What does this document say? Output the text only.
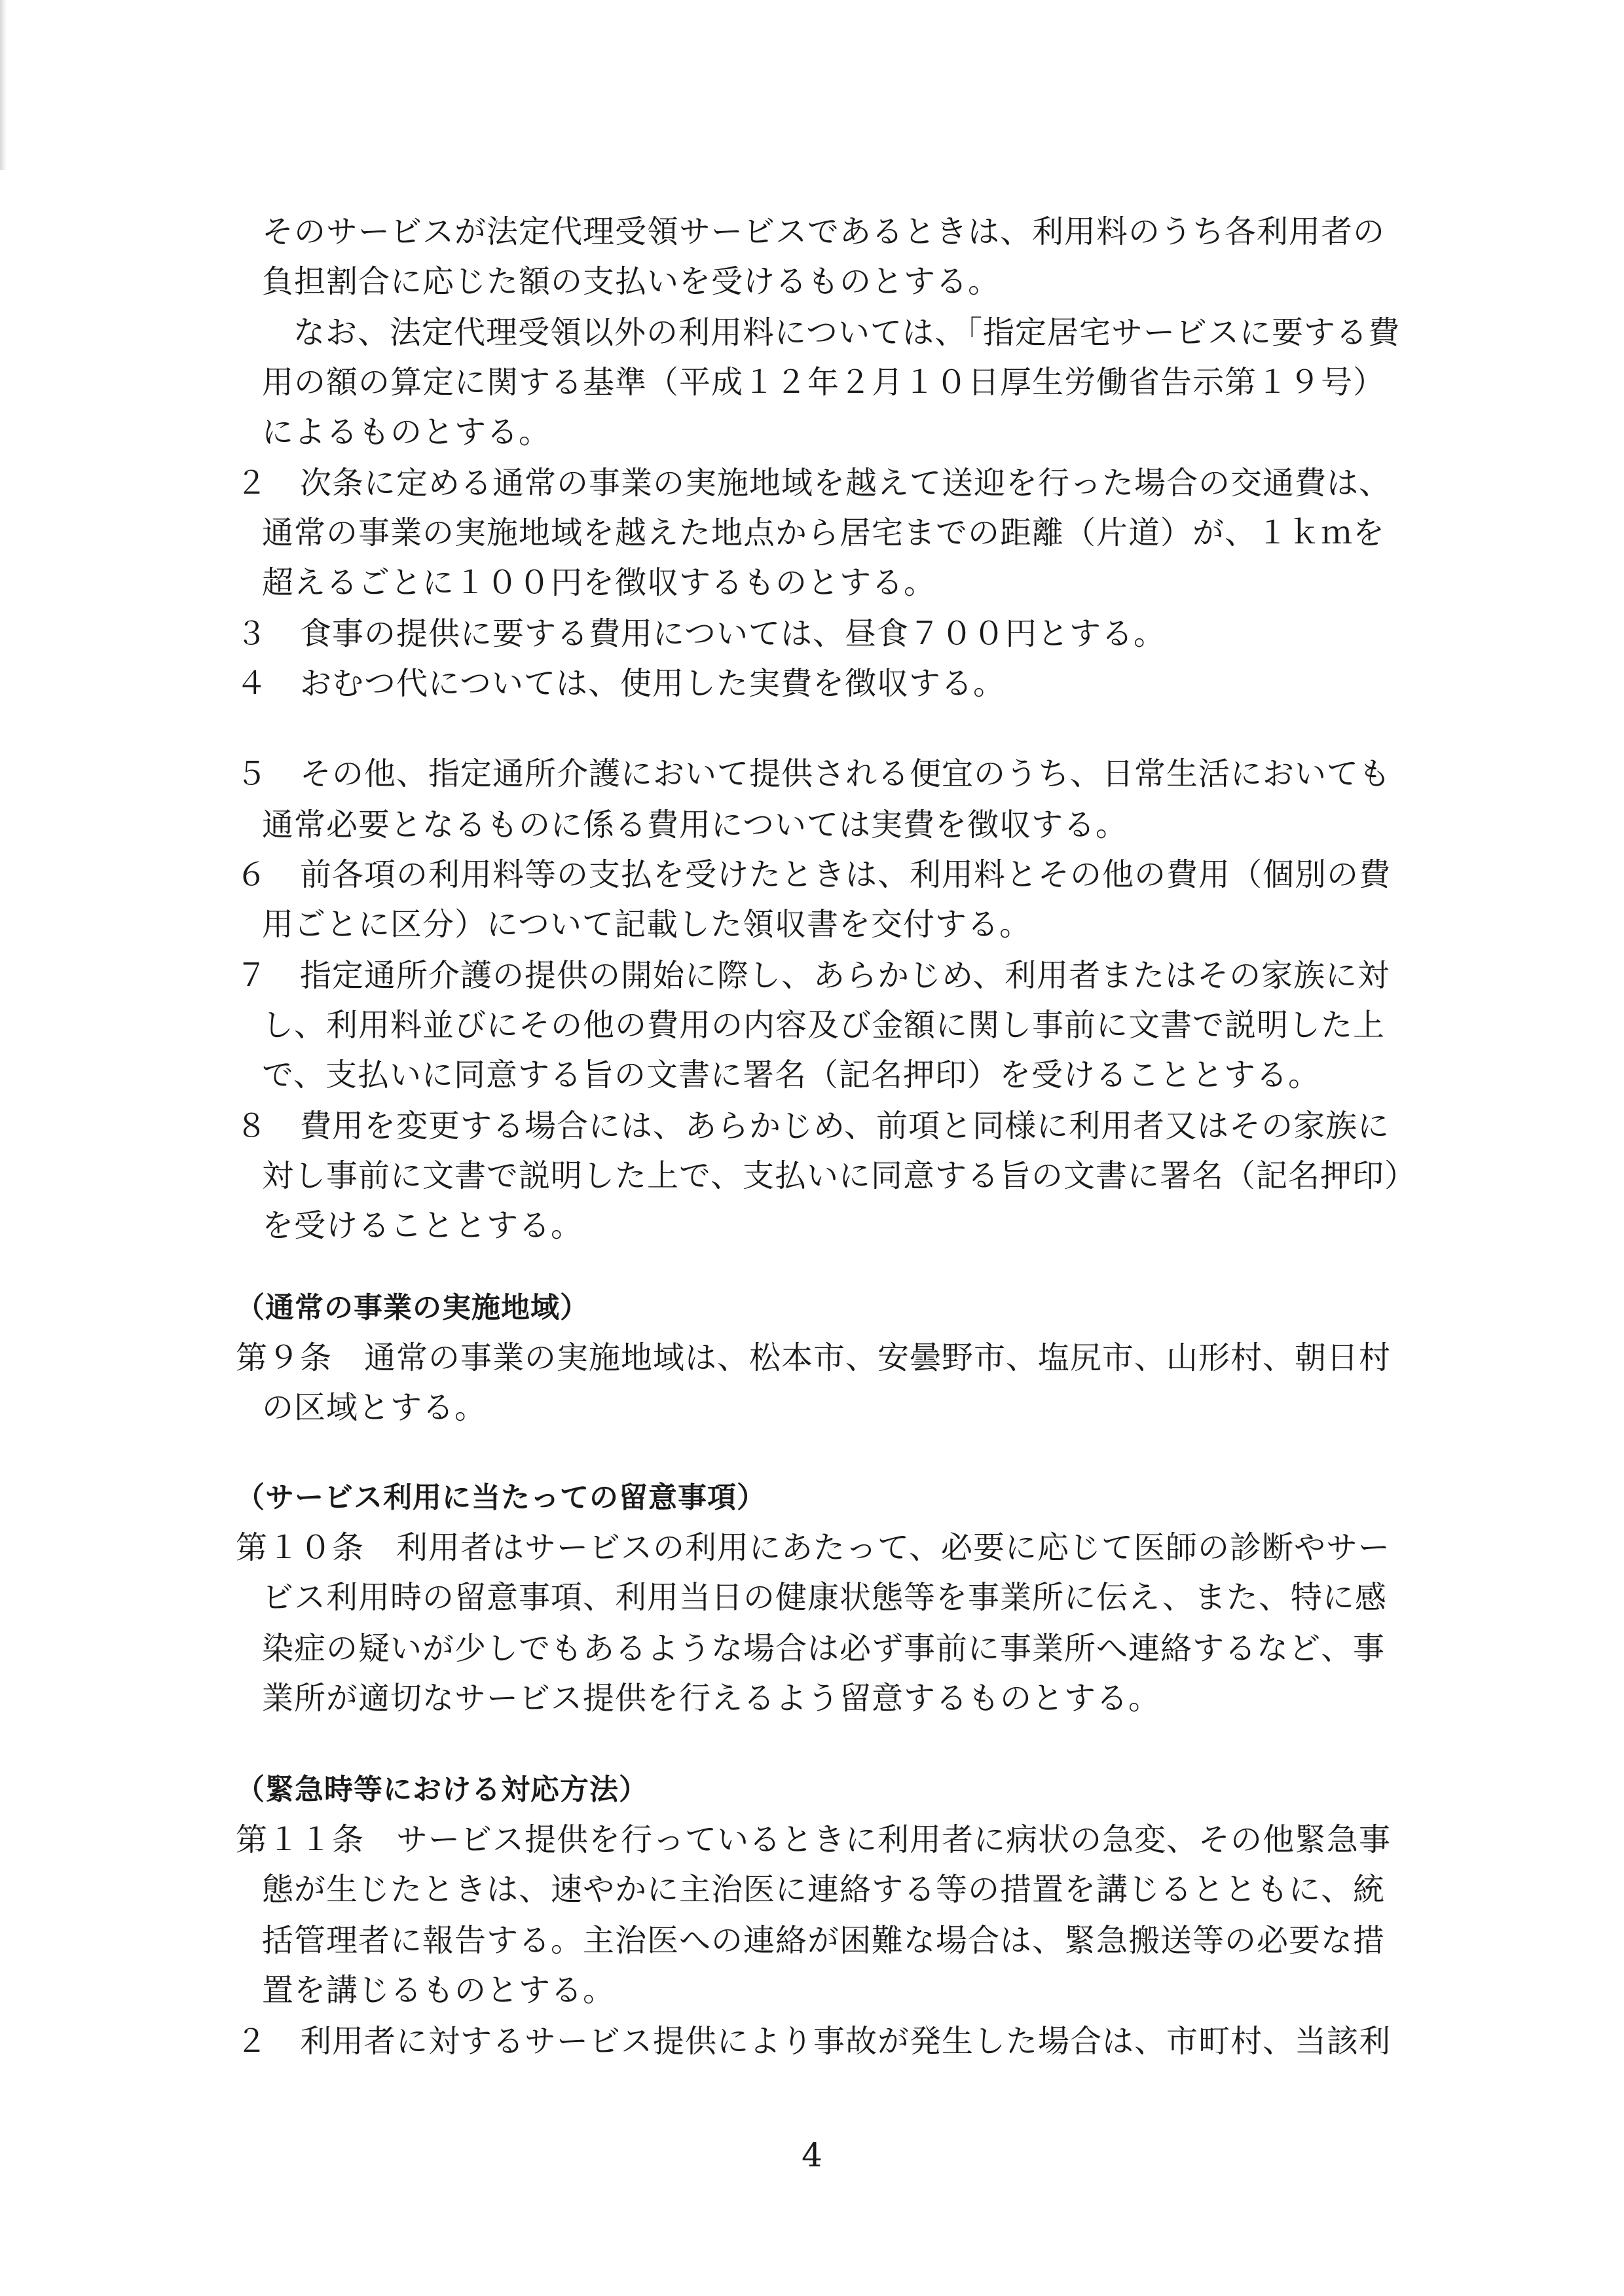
そのサービスが法定代理受領サービスであるときは、利用料のうち各利用者の
負担割合に応じた額の支払いを受けるものとする。
なお、法定代理受領以外の利用料については、「指定居宅サービスに要する費
用の額の算定に関する基準（平成１２年２月１０日厚生労働省告示第１９号）
によるものとする。
２　次条に定める通常の事業の実施地域を越えて送迎を行った場合の交通費は、
通常の事業の実施地域を越えた地点から居宅までの距離（片道）が、１ｋｍを
超えるごとに１００円を徴収するものとする。
３　食事の提供に要する費用については、昼食７００円とする。
４　おむつ代については、使用した実費を徴収する。
５　その他、指定通所介護において提供される便宜のうち、日常生活においても
通常必要となるものに係る費用については実費を徴収する。
６　前各項の利用料等の支払を受けたときは、利用料とその他の費用（個別の費
用ごとに区分）について記載した領収書を交付する。
７　指定通所介護の提供の開始に際し、あらかじめ、利用者またはその家族に対
し、利用料並びにその他の費用の内容及び金額に関し事前に文書で説明した上
で、支払いに同意する旨の文書に署名（記名押印）を受けることとする。
８　費用を変更する場合には、あらかじめ、前項と同様に利用者又はその家族に
対し事前に文書で説明した上で、支払いに同意する旨の文書に署名（記名押印）
を受けることとする。
（通常の事業の実施地域）
第９条　通常の事業の実施地域は、松本市、安曇野市、塩尻市、山形村、朝日村
の区域とする。
（サービス利用に当たっての留意事項）
第１０条　利用者はサービスの利用にあたって、必要に応じて医師の診断やサー
ビス利用時の留意事項、利用当日の健康状態等を事業所に伝え、また、特に感
染症の疑いが少しでもあるような場合は必ず事前に事業所へ連絡するなど、事
業所が適切なサービス提供を行えるよう留意するものとする。
（緊急時等における対応方法）
第１１条　サービス提供を行っているときに利用者に病状の急変、その他緊急事
態が生じたときは、速やかに主治医に連絡する等の措置を講じるとともに、統
括管理者に報告する。主治医への連絡が困難な場合は、緊急搬送等の必要な措
置を講じるものとする。
２　利用者に対するサービス提供により事故が発生した場合は、市町村、当該利
4
